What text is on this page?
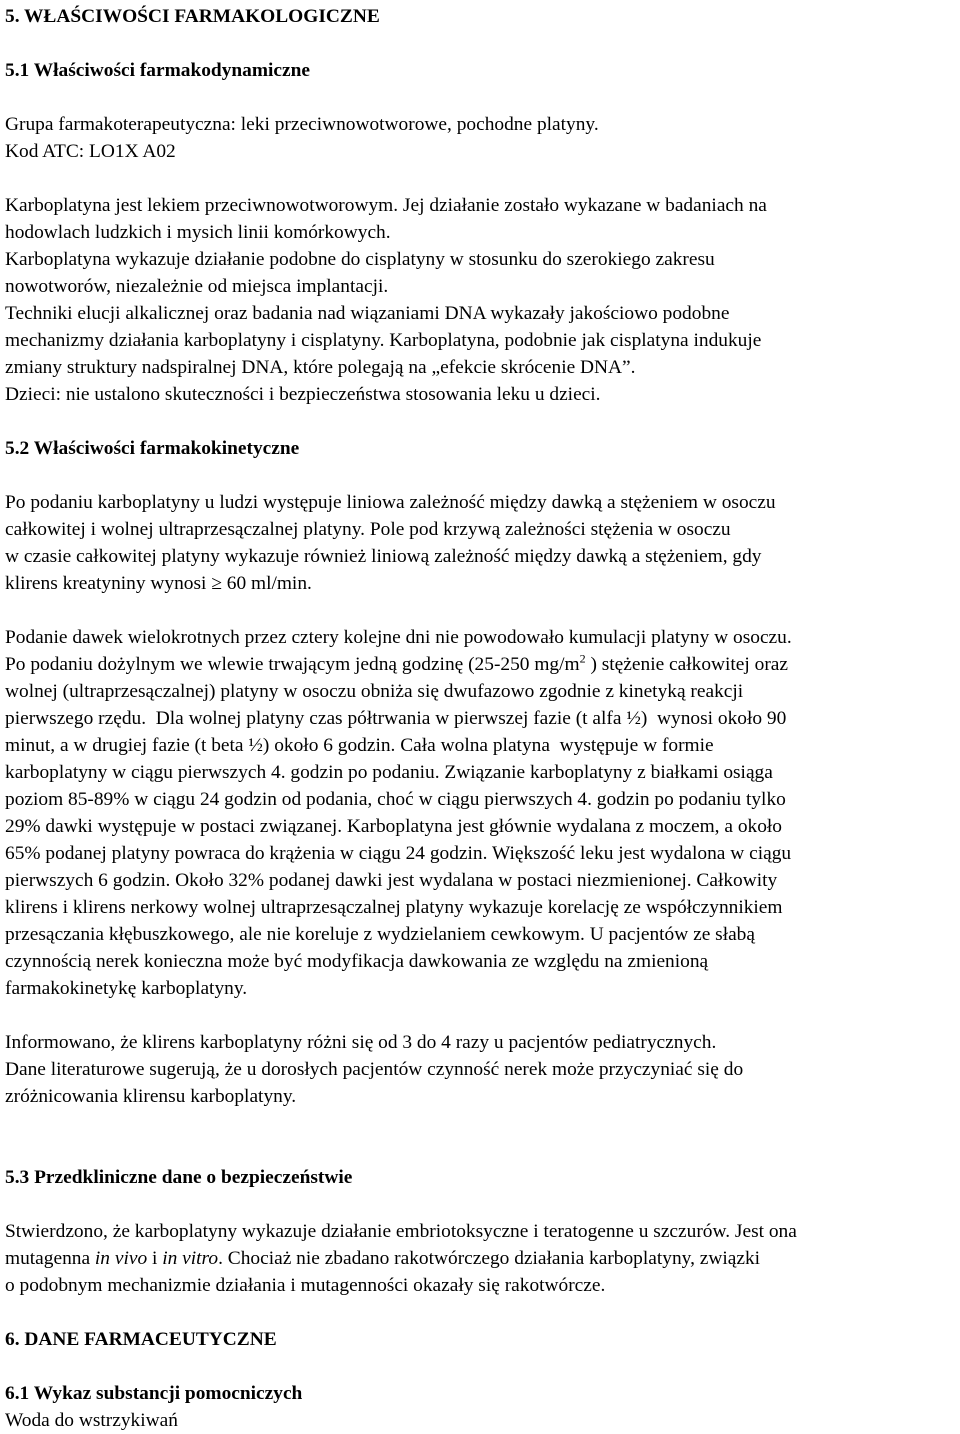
5. WŁAŚCIWOŚCI FARMAKOLOGICZNE

5.1 Właściwości farmakodynamiczne

Grupa farmakoterapeutyczna: leki przeciwnowotworowe, pochodne platyny.

Kod ATC: LO1X A02

Karboplatyna jest lekiem przeciwnowotworowym. Jej działanie zostało wykazane w badaniach na

hodowlach ludzkich i mysich linii komórkowych.

Karboplatyna wykazuje działanie podobne do cisplatyny w stosunku do szerokiego zakresu

nowotworów, niezależnie od miejsca implantacji.

Techniki elucji alkalicznej oraz badania nad wiązaniami DNA wykazały jakościowo podobne

mechanizmy działania karboplatyny i cisplatyny. Karboplatyna, podobnie jak cisplatyna indukuje

zmiany struktury nadspiralnej DNA, które polegają na „efekcie skrócenie DNA”.

Dzieci: nie ustalono skuteczności i bezpieczeństwa stosowania leku u dzieci.

5.2 Właściwości farmakokinetyczne

Po podaniu karboplatyny u ludzi występuje liniowa zależność między dawką a stężeniem w osoczu

całkowitej i wolnej ultraprzesączalnej platyny. Pole pod krzywą zależności stężenia w osoczu

w czasie całkowitej platyny wykazuje również liniową zależność między dawką a stężeniem, gdy

klirens kreatyniny wynosi ≥ 60 ml/min.

Podanie dawek wielokrotnych przez cztery kolejne dni nie powodowało kumulacji platyny w osoczu.

Po podaniu dożylnym we wlewie trwającym jedną godzinę (25-250 $mg/m^2$ ) stężenie całkowitej oraz

wolnej (ultraprzesączalnej) platyny w osoczu obniża się dwufazowo zgodnie z kinetyką reakcji

pierwszego rzędu.  Dla wolnej platyny czas półtrwania w pierwszej fazie (t alfa ½)  wynosi około 90

minut, a w drugiej fazie (t beta ½) około 6 godzin. Cała wolna platyna  występuje w formie

karboplatyny w ciągu pierwszych 4. godzin po podaniu. Związanie karboplatyny z białkami osiąga

poziom 85-89% w ciągu 24 godzin od podania, choć w ciągu pierwszych 4. godzin po podaniu tylko

29% dawki występuje w postaci związanej. Karboplatyna jest głównie wydalana z moczem, a około

65% podanej platyny powraca do krążenia w ciągu 24 godzin. Większość leku jest wydalona w ciągu

pierwszych 6 godzin. Około 32% podanej dawki jest wydalana w postaci niezmienionej. Całkowity

klirens i klirens nerkowy wolnej ultraprzesączalnej platyny wykazuje korelację ze współczynnikiem

przesączania kłębuszkowego, ale nie koreluje z wydzielaniem cewkowym. U pacjentów ze słabą

czynnością nerek konieczna może być modyfikacja dawkowania ze względu na zmienioną

farmakokinetykę karboplatyny.

Informowano, że klirens karboplatyny różni się od 3 do 4 razy u pacjentów pediatrycznych.

Dane literaturowe sugerują, że u dorosłych pacjentów czynność nerek może przyczyniać się do

zróżnicowania klirensu karboplatyny.

5.3 Przedkliniczne dane o bezpieczeństwie

Stwierdzono, że karboplatyny wykazuje działanie embriotoksyczne i teratogenne u szczurów. Jest ona

mutagenna in vivo i in vitro. Chociaż nie zbadano rakotwórczego działania karboplatyny, związki

o podobnym mechanizmie działania i mutagenności okazały się rakotwórcze.

6. DANE FARMACEUTYCZNE

6.1 Wykaz substancji pomocniczych

Woda do wstrzykiwań
